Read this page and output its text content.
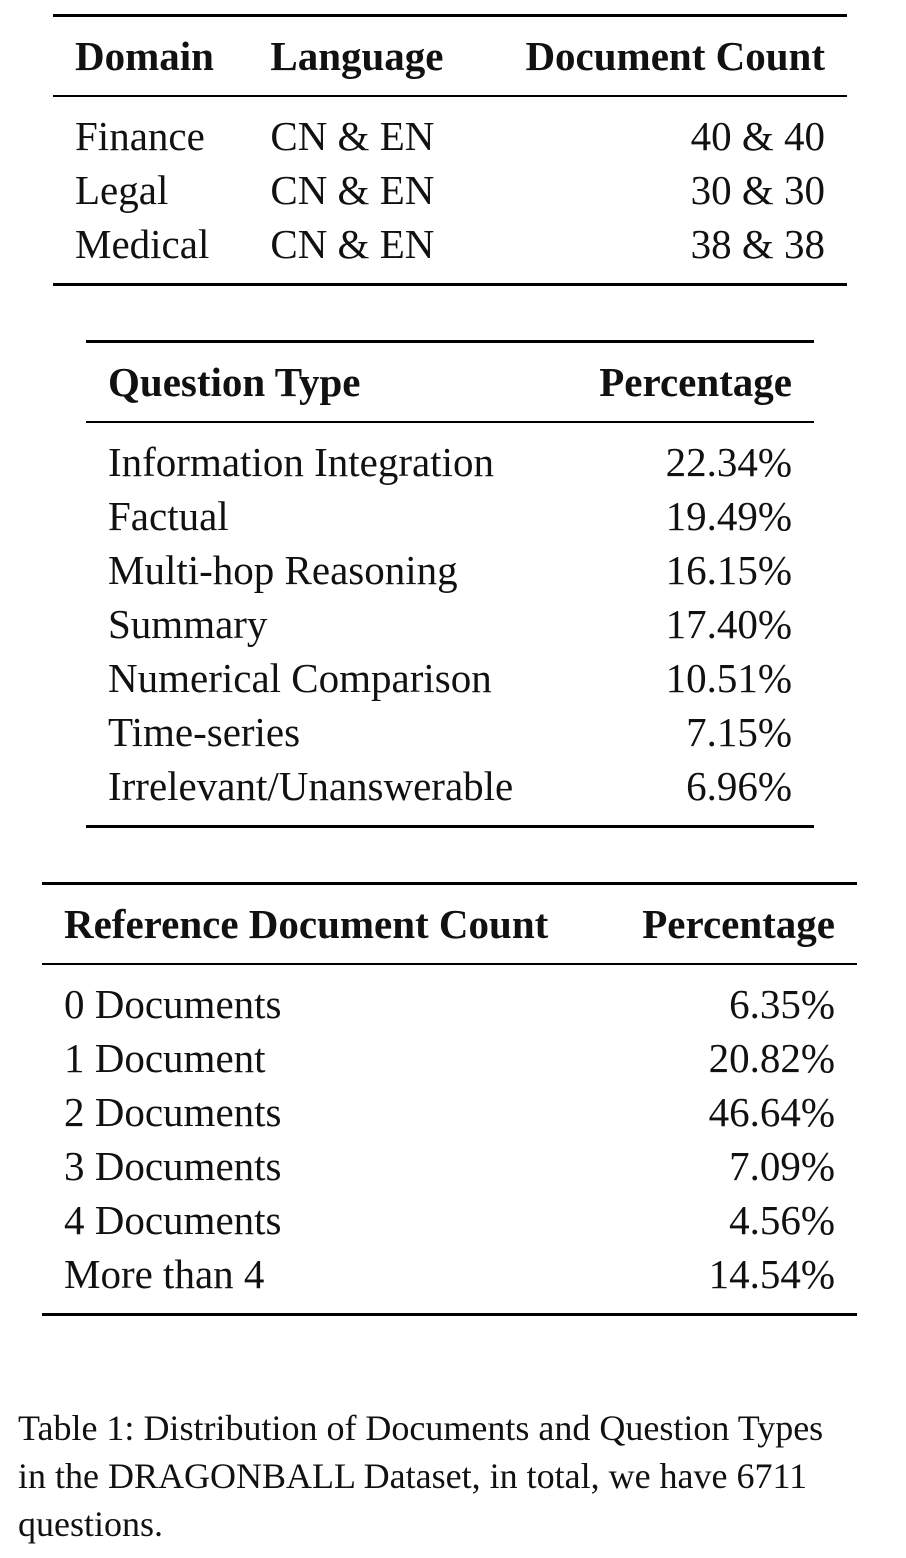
Domain	Language	Document Count
Finance	CN & EN	40 & 40
Legal	CN & EN	30 & 30
Medical	CN & EN	38 & 38
Question Type	Percentage
Information Integration	22.34%
Factual	19.49%
Multi-hop Reasoning	16.15%
Summary	17.40%
Numerical Comparison	10.51%
Time-series	7.15%
Irrelevant/Unanswerable	6.96%
Reference Document Count	Percentage
0 Documents	6.35%
1 Document	20.82%
2 Documents	46.64%
3 Documents	7.09%
4 Documents	4.56%
More than 4	14.54%
Table 1: Distribution of Documents and Question Types
in the DRAGONBALL Dataset, in total, we have 6711
questions.
